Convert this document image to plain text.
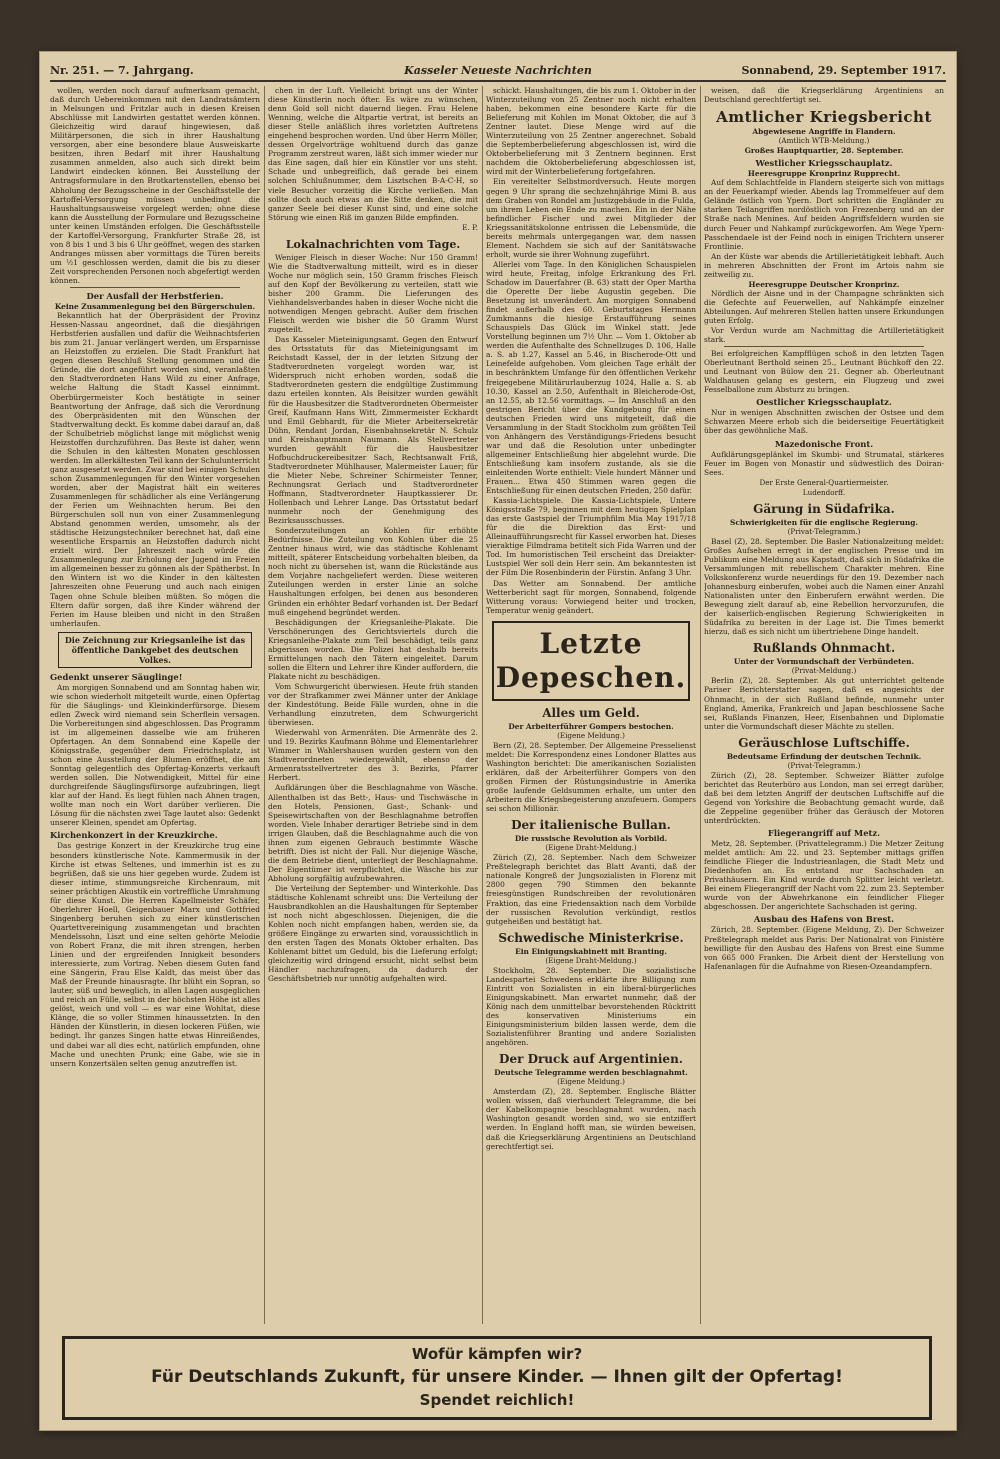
Nr. 251. — 7. Jahrgang.	Kasseler Neueste Nachrichten	Sonnabend, 29. September 1917.

wollen, werden noch darauf aufmerksam gemacht, daß durch Uebereinkommen mit den Landratsämtern in Melsungen und Fritzlar auch in diesen Kreisen Abschlüsse mit Landwirten gestattet werden können. Gleichzeitig wird darauf hingewiesen, daß Militärpersonen, die sich in ihrer Haushaltung versorgen, aber eine besondere blaue Ausweiskarte besitzen, ihren Bedarf mit ihrer Haushaltung zusammen anmelden, also auch sich direkt beim Landwirt eindecken können. Bei Ausstellung der Antragsformulare in den Brotkartenstellen, ebenso bei Abholung der Bezugsscheine in der Geschäftsstelle der Kartoffel-Versorgung müssen unbedingt die Haushaltungsausweise vorgelegt werden; ohne diese kann die Ausstellung der Formulare und Bezugsscheine unter keinen Umständen erfolgen. Die Geschäftsstelle der Kartoffel-Versorgung, Frankfurter Straße 28, ist von 8 bis 1 und 3 bis 6 Uhr geöffnet, wegen des starken Andranges müssen aber vormittags die Türen bereits um ½1 geschlossen werden, damit die bis zu dieser Zeit vorsprechenden Personen noch abgefertigt werden können.

Der Ausfall der Herbstferien.
Keine Zusammenlegung bei den Bürgerschulen.

Bekanntlich hat der Oberpräsident der Provinz Hessen-Nassau angeordnet, daß die diesjährigen Herbstferien ausfallen und dafür die Weihnachtsferien bis zum 21. Januar verlängert werden, um Ersparnisse an Heizstoffen zu erzielen. Die Stadt Frankfurt hat gegen diesen Beschluß Stellung genommen und die Gründe, die dort angeführt worden sind, veranlaßten den Stadtverordneten Hans Wild zu einer Anfrage, welche Haltung die Stadt Kassel einnimmt. Oberbürgermeister Koch bestätigte in seiner Beantwortung der Anfrage, daß sich die Verordnung des Oberpräsidenten mit den Wünschen der Stadtverwaltung deckt. Es komme dabei darauf an, daß der Schulbetrieb möglichst lange mit möglichst wenig Heizstoffen durchzuführen. Das Beste ist daher, wenn die Schulen in den kältesten Monaten geschlossen werden. Im allerkältesten Teil kann der Schulunterricht ganz ausgesetzt werden. Zwar sind bei einigen Schulen schon Zusammenlegungen für den Winter vorgesehen worden, aber der Magistrat hält ein weiteres Zusammenlegen für schädlicher als eine Verlängerung der Ferien um Weihnachten herum. Bei den Bürgerschulen soll nun von einer Zusammenlegung Abstand genommen werden, umsomehr, als der städtische Heizungstechniker berechnet hat, daß eine wesentliche Ersparnis an Heizstoffen dadurch nicht erzielt wird. Der Jahreszeit nach würde die Zusammenlegung zur Erholung der Jugend im Freien im allgemeinen besser zu gönnen als der Spätherbst. In den Wintern ist wo die Kinder in den kältesten Jahreszeiten ohne Feuerung und auch nach einigen Tagen ohne Schule bleiben müßten. So mögen die Eltern dafür sorgen, daß ihre Kinder während der Ferien im Hause bleiben und nicht in den Straßen umherlaufen.

Die Zeichnung zur Kriegsanleihe ist das öffentliche Dankgebet des deutschen Volkes.
Gedenkt unserer Säuglinge!

Am morgigen Sonnabend und am Sonntag haben wir, wie schon wiederholt mitgeteilt wurde, einen Opfertag für die Säuglings- und Kleinkinderfürsorge. Diesem edlen Zweck wird niemand sein Scherflein versagen. Die Vorbereitungen sind abgeschlossen. Das Programm ist im allgemeinen dasselbe wie am früheren Opfertagen. An dem Sonnabend eine Kapelle der Königsstraße, gegenüber dem Friedrichsplatz, ist schon eine Ausstellung der Blumen eröffnet, die am Sonntag gelegentlich des Opfertag-Konzerts verkauft werden sollen. Die Notwendigkeit, Mittel für eine durchgreifende Säuglingsfürsorge aufzubringen, liegt klar auf der Hand. Es liegt fühlen nach Ahnen tragen, wollte man noch ein Wort darüber verlieren. Die Lösung für die nächsten zwei Tage lautet also: Gedenkt unserer Kleinen, spendet am Opfertag.

Kirchenkonzert in der Kreuzkirche.

Das gestrige Konzert in der Kreuzkirche trug eine besonders künstlerische Note. Kammermusik in der Kirche ist etwas Seltenes, und immerhin ist es zu begrüßen, daß sie uns hier gegeben wurde. Zudem ist dieser intime, stimmungsreiche Kirchenraum, mit seiner prächtigen Akustik ein vortreffliche Umrahmung für diese Kunst. Die Herren Kapellmeister Schäfer, Oberlehrer Hoell, Geigenbauer Marx und Gottfried Singenberg beruhen sich zu einer künstlerischen Quartettvereinigung zusammengetan und brachten Mendelssohn, Liszt und eine selten gehörte Melodie von Robert Franz, die mit ihren strengen, herben Linien und der ergreifenden Innigkeit besonders interessierte, zum Vortrag. Neben diesem Guten fand eine Sängerin, Frau Else Kaldt, das meist über das Maß der Freunde hinausragte. Ihr blüht ein Sopran, so lauter, süß und beweglich, in allen Lagen ausgeglichen und reich an Fülle, selbst in der höchsten Höhe ist alles gelöst, weich und voll — es war eine Wohltat, diese Klänge, die so voller Stimmen hinaussetzten. In den Händen der Künstlerin, in diesen lockeren Füßen, wie bedingt. Ihr ganzes Singen hatte etwas Hinreißendes, und dabei war all dies echt, natürlich empfunden, ohne Mache und unechten Prunk; eine Gabe, wie sie in unsern Konzertsälen selten genug anzutreffen ist.

chen in der Luft. Vielleicht bringt uns der Winter diese Künstlerin noch öfter. Es wäre zu wünschen, denn Gold soll nicht dauernd liegen. Frau Helene Wenning, welche die Altpartie vertrat, ist bereits an dieser Stelle anläßlich ihres vorletzten Auftretens eingehend besprochen worden. Und über Herrn Möller, dessen Orgelvorträge wohltuend durch das ganze Programm zerstreut waren, läßt sich immer wieder nur das Eine sagen, daß hier ein Künstler vor uns steht. Schade und unbegreiflich, daß gerade bei einem solchen Schlußnummer, dem Lisztschen B-A-C-H, so viele Besucher vorzeitig die Kirche verließen. Man sollte doch auch etwas an die Sitte denken, die mit ganzer Seele bei dieser Kunst sind, und eine solche Störung wie einen Riß im ganzen Bilde empfinden.

E. P.
Lokalnachrichten vom Tage.

Weniger Fleisch in dieser Woche: Nur 150 Gramm! Wie die Stadtverwaltung mitteilt, wird es in dieser Woche nur möglich sein, 150 Gramm frisches Fleisch auf den Kopf der Bevölkerung zu verteilen, statt wie bisher 200 Gramm. Die Lieferungen des Viehhandelsverbandes haben in dieser Woche nicht die notwendigen Mengen gebracht. Außer dem frischen Fleisch werden wie bisher die 50 Gramm Wurst zugeteilt.

Das Kasseler Mieteinigungsamt. Gegen den Entwurf des Ortsstatuts für das Mieteinigungsamt im Reichstadt Kassel, der in der letzten Sitzung der Stadtverordneten vorgelegt worden war, ist Widerspruch nicht erhoben worden, sodaß die Stadtverordneten gestern die endgültige Zustimmung dazu erteilen konnten. Als Beisitzer wurden gewählt für die Hausbesitzer die Stadtverordneten Obermeister Greif, Kaufmann Hans Witt, Zimmermeister Eckhardt und Emil Gebhardt, für die Mieter Arbeitersekretär Dühn, Rendant Jordan, Eisenbahnsekretär N. Schulz und Kreishauptmann Naumann. Als Stellvertreter wurden gewählt für die Hausbesitzer Hofbuchdruckereibesitzer Sach, Rechtsanwalt Friß, Stadtverordneter Mühlhauser, Malermeister Lauer; für die Mieter Nebe, Schreiner Schirmeister Tenner, Rechnungsrat Gerlach und Stadtverordneter Hoffmann, Stadtverordneter Hauptkassierer Dr. Hollenbach und Lehrer Lange. Das Ortsstatut bedarf nunmehr noch der Genehmigung des Bezirksausschusses.

Sonderzuteilungen an Kohlen für erhöhte Bedürfnisse. Die Zuteilung von Kohlen über die 25 Zentner hinaus wird, wie das städtische Kohlenamt mitteilt, späterer Entscheidung vorbehalten bleiben, da noch nicht zu übersehen ist, wann die Rückstände aus dem Vorjahre nachgeliefert werden. Diese weiteren Zuteilungen werden in erster Linie an solche Haushaltungen erfolgen, bei denen aus besonderen Gründen ein erhöhter Bedarf vorhanden ist. Der Bedarf muß eingehend begründet werden.

Beschädigungen der Kriegsanleihe-Plakate. Die Verschönerungen des Gerichtsviertels durch die Kriegsanleihe-Plakate zum Teil beschädigt, teils ganz abgerissen worden. Die Polizei hat deshalb bereits Ermittelungen nach den Tätern eingeleitet. Darum sollen die Eltern und Lehrer ihre Kinder auffordern, die Plakate nicht zu beschädigen.

Vom Schwurgericht überwiesen. Heute früh standen vor der Strafkammer zwei Männer unter der Anklage der Kindestötung. Beide Fälle wurden, ohne in die Verhandlung einzutreten, dem Schwurgericht überwiesen.

Wiederwahl von Armenräten. Die Armenräte des 2. und 19. Bezirks Kaufmann Böhme und Elementarlehrer Wimmer in Wahlershausen wurden gestern von den Stadtverordneten wiedergewählt, ebenso der Armenratsstellvertreter des 3. Bezirks, Pfarrer Herbert.

Aufklärungen über die Beschlagnahme von Wäsche. Allenthalben ist das Bett-, Haus- und Tischwäsche in den Hotels, Pensionen, Gast-, Schank- und Speisewirtschaften von der Beschlagnahme betroffen worden. Viele Inhaber derartiger Betriebe sind in dem irrigen Glauben, daß die Beschlagnahme auch die von ihnen zum eigenen Gebrauch bestimmte Wäsche betrifft. Dies ist nicht der Fall. Nur diejenige Wäsche, die dem Betriebe dient, unterliegt der Beschlagnahme. Der Eigentümer ist verpflichtet, die Wäsche bis zur Abholung sorgfältig aufzubewahren.

Die Verteilung der September- und Winterkohle. Das städtische Kohlenamt schreibt uns: Die Verteilung der Hausbrandkohlen an die Haushaltungen für September ist noch nicht abgeschlossen. Diejenigen, die die Kohlen noch nicht empfangen haben, werden sie, da größere Eingänge zu erwarten sind, voraussichtlich in den ersten Tagen des Monats Oktober erhalten. Das Kohlenamt bittet um Geduld, bis die Lieferung erfolgt; gleichzeitig wird dringend ersucht, nicht selbst beim Händler nachzufragen, da dadurch der Geschäftsbetrieb nur unnötig aufgehalten wird.

schickt. Haushaltungen, die bis zum 1. Oktober in der Winterzuteilung von 25 Zentner noch nicht erhalten haben, bekommen eine besondere Karte für die Belieferung mit Kohlen im Monat Oktober, die auf 3 Zentner lautet. Diese Menge wird auf die Winterzuteilung von 25 Zentner angerechnet. Sobald die Septemberbelieferung abgeschlossen ist, wird die Oktoberbelieferung mit 3 Zentnern beginnen. Erst nachdem die Oktoberbelieferung abgeschlossen ist, wird mit der Winterbelieferung fortgefahren.

Ein vereitelter Selbstmordversuch. Heute morgen gegen 9 Uhr sprang die sechzehnjährige Mimi B. aus dem Graben von Rondel am Justizgebäude in die Fulda, um ihrem Leben ein Ende zu machen. Ein in der Nähe befindlicher Fischer und zwei Mitglieder der Kriegssanitätskolonne entrissen die Lebensmüde, die bereits mehrmals untergegangen war, dem nassen Element. Nachdem sie sich auf der Sanitätswache erholt, wurde sie ihrer Wohnung zugeführt.

Allerlei vom Tage. In den Königlichen Schauspielen wird heute, Freitag, infolge Erkrankung des Frl. Schadow im Dauerfahrer (B. 63) statt der Oper Martha die Operette Der liebe Augustin gegeben. Die Besetzung ist unverändert. Am morgigen Sonnabend findet außerhalb des 60. Geburtstages Hermann Zumkmanns die hiesige Erstaufführung seines Schauspiels Das Glück im Winkel statt. Jede Vorstellung beginnen um 7½ Uhr. — Vom 1. Oktober ab werden die Aufenthalte des Schnellzuges D. 106, Halle a. S. ab 1.27, Kassel an 5.46, in Bischerode-Ott und Leinefelde aufgehoben. Vom gleichen Tage erhält der in beschränktem Umfange für den öffentlichen Verkehr freigegebene Militärurlauberzug 1024, Halle a. S. ab 10.30, Kassel an 2.50, Aufenthalt in Bleicherode-Ost, an 12.55, ab 12.56 vormittags. — Im Anschluß an den gestrigen Bericht über die Kundgebung für einen deutschen Frieden wird uns mitgeteilt, daß die Versammlung in der Stadt Stockholm zum größten Teil von Anhängern des Verständigungs-Friedens besucht war und daß die Resolution unter unbedingter allgemeiner Entschließung hier abgelehnt wurde. Die Entschließung kam insofern zustande, als sie die einleitenden Worte enthielt: Viele hundert Männer und Frauen... Etwa 450 Stimmen waren gegen die Entschließung für einen deutschen Frieden, 250 dafür.

Kassia-Lichtspiele. Die Kassia-Lichtspiele, Untere Königsstraße 79, beginnen mit dem heutigen Spielplan das erste Gastspiel der Triumphfilm Mia May 1917/18 für die die Direktion das Erst- und Alleinaufführungsrecht für Kassel erworben hat. Dieses vieraktige Filmdrama betitelt sich Fida Warren und der Tod. Im humoristischen Teil erscheint das Dreiakter-Lustspiel Wer soll dein Herr sein. Am bekanntesten ist der Film Die Rosenbinderin der Fürstin. Anfang 3 Uhr.

Das Wetter am Sonnabend. Der amtliche Wetterbericht sagt für morgen, Sonnabend, folgende Witterung voraus: Vorwiegend heiter und trocken, Temperatur wenig geändert.

Letzte Depeschen.
Alles um Geld.
Der Arbeiterführer Gompers bestochen.
(Eigene Meldung.)

Bern (Z), 28. September. Der Allgemeine Presselienst meldet: Die Korrespondenz eines Londoner Blattes aus Washington berichtet: Die amerikanischen Sozialisten erklären, daß der Arbeiterführer Gompers von den großen Firmen der Rüstungsindustrie in Amerika große laufende Geldsummen erhalte, um unter den Arbeitern die Kriegsbegeisterung anzufeuern. Gompers sei schon Millionär.

Der italienische Bullan.
Die russische Revolution als Vorbild.
(Eigene Draht-Meldung.)

Zürich (Z), 28. September. Nach dem Schweizer Preßtelegraph berichtet das Blatt Avanti, daß der nationale Kongreß der Jungsozialisten in Florenz mit 2800 gegen 790 Stimmen den bekannte freiesgünstigen Rundschreiben der revolutionären Fraktion, das eine Friedensaktion nach dem Vorbilde der russischen Revolution verkündigt, restlos gutgeheißen und bestätigt hat.

Schwedische Ministerkrise.
Ein Einigungskabinett mit Branting.
(Eigene Draht-Meldung.)

Stockholm, 28. September. Die sozialistische Landespartei Schwedens erklärte ihre Billigung zum Eintritt von Sozialisten in ein liberal-bürgerliches Einigungskabinett. Man erwartet nunmehr, daß der König nach dem unmittelbar bevorstehenden Rücktritt des konservativen Ministeriums ein Einigungsministerium bilden lassen werde, dem die Sozialistenführer Branting und andere Sozialisten angehören.

Der Druck auf Argentinien.
Deutsche Telegramme werden beschlagnahmt.
(Eigene Meldung.)

Amsterdam (Z), 28. September. Englische Blätter wollen wissen, daß vierhundert Telegramme, die bei der Kabelkompagnie beschlagnahmt wurden, nach Washington gesandt worden sind, wo sie entziffert werden. In England hofft man, sie würden beweisen, daß die Kriegserklärung Argentiniens an Deutschland gerechtfertigt sei.

weisen, daß die Kriegserklärung Argentiniens an Deutschland gerechtfertigt sei.

Amtlicher Kriegsbericht
Abgewiesene Angriffe in Flandern.
(Amtlich WTB-Meldung.)
Großes Hauptquartier, 28. September.
Westlicher Kriegsschauplatz.
Heeresgruppe Kronprinz Rupprecht.

Auf dem Schlachtfelde in Flandern steigerte sich von mittags an der Feuerkampf wieder. Abends lag Trommelfeuer auf dem Gelände östlich von Ypern. Dort schritten die Engländer zu starken Teilangriffen nordöstlich von Frezenberg und an der Straße nach Menines. Auf beiden Angriffsfeldern wurden sie durch Feuer und Nahkampf zurückgeworfen. Am Wege Ypern-Passchendaele ist der Feind noch in einigen Trichtern unserer Frontlinie.

An der Küste war abends die Artillerietätigkeit lebhaft. Auch in mehreren Abschnitten der Front im Artois nahm sie zeitweilig zu.

Heeresgruppe Deutscher Kronprinz.

Nördlich der Aisne und in der Champagne schränkten sich die Gefechte auf Feuerwellen, auf Nahkämpfe einzelner Abteilungen. Auf mehreren Stellen hatten unsere Erkundungen guten Erfolg.

Vor Verdun wurde am Nachmittag die Artillerietätigkeit stark.

Bei erfolgreichen Kampfflügen schoß in den letzten Tagen Oberleutnant Berthold seinen 25., Leutnant Büchkoff den 22. und Leutnant von Bülow den 21. Gegner ab. Oberleutnant Waldhausen gelang es gestern, ein Flugzeug und zwei Fesselballone zum Absturz zu bringen.

Oestlicher Kriegsschauplatz.

Nur in wenigen Abschnitten zwischen der Ostsee und dem Schwarzen Meere erhob sich die beiderseitige Feuertätigkeit über das gewöhnliche Maß.

Mazedonische Front.

Aufklärungsgeplänkel im Skumbi- und Strumatal, stärkeres Feuer im Bogen von Monastir und südwestlich des Doiran-Sees.

Der Erste General-Quartiermeister.
Ludendorff.
Gärung in Südafrika.
Schwierigkeiten für die englische Regierung.
(Privat-Telegramm.)

Basel (Z), 28. September. Die Basler Nationalzeitung meldet: Großes Aufsehen erregt in der englischen Presse und im Publikum eine Meldung aus Kapstadt, daß sich in Südafrika die Versammlungen mit rebellischem Charakter mehren. Eine Volkskonferenz wurde neuerdings für den 19. Dezember nach Johannesburg einberufen, wobei auch die Namen einer Anzahl Nationalisten unter den Einberufern erwähnt werden. Die Bewegung zielt darauf ab, eine Rebellion hervorzurufen, die der kaiserlich-englischen Regierung Schwierigkeiten in Südafrika zu bereiten in der Lage ist. Die Times bemerkt hierzu, daß es sich nicht um übertriebene Dinge handelt.

Rußlands Ohnmacht.
Unter der Vormundschaft der Verbündeten.
(Privat-Meldung.)

Berlin (Z), 28. September. Als gut unterrichtet geltende Pariser Berichterstatter sagen, daß es angesichts der Ohnmacht, in der sich Rußland befinde, nunmehr unter England, Amerika, Frankreich und Japan beschlossene Sache sei, Rußlands Finanzen, Heer, Eisenbahnen und Diplomatie unter die Vormundschaft dieser Mächte zu stellen.

Geräuschlose Luftschiffe.
Bedeutsame Erfindung der deutschen Technik.
(Privat-Telegramm.)

Zürich (Z), 28. September. Schweizer Blätter zufolge berichtet das Reuterbüro aus London, man sei erregt darüber, daß bei dem letzten Angriff der deutschen Luftschiffe auf die Gegend von Yorkshire die Beobachtung gemacht wurde, daß die Zeppeline gegenüber früher das Geräusch der Motoren unterdrückten.

Fliegerangriff auf Metz.

Metz, 28. September. (Privattelegramm.) Die Metzer Zeitung meldet amtlich: Am 22. und 23. September mittags griffen feindliche Flieger die Industrieanlagen, die Stadt Metz und Diedenhofen an. Es entstand nur Sachschaden an Privathäusern. Ein Kind wurde durch Splitter leicht verletzt. Bei einem Fliegerangriff der Nacht vom 22. zum 23. September wurde von der Abwehrkanone ein feindlicher Flieger abgeschossen. Der angerichtete Sachschaden ist gering.

Ausbau des Hafens von Brest.

Zürich, 28. September. (Eigene Meldung, Z). Der Schweizer Preßtelegraph meldet aus Paris: Der Nationalrat von Finistère bewilligte für den Ausbau des Hafens von Brest eine Summe von 665 000 Franken. Die Arbeit dient der Herstellung von Hafenanlagen für die Aufnahme von Riesen-Ozeandampfern.

Wofür kämpfen wir?
Für Deutschlands Zukunft, für unsere Kinder. — Ihnen gilt der Opfertag!
Spendet reichlich!
